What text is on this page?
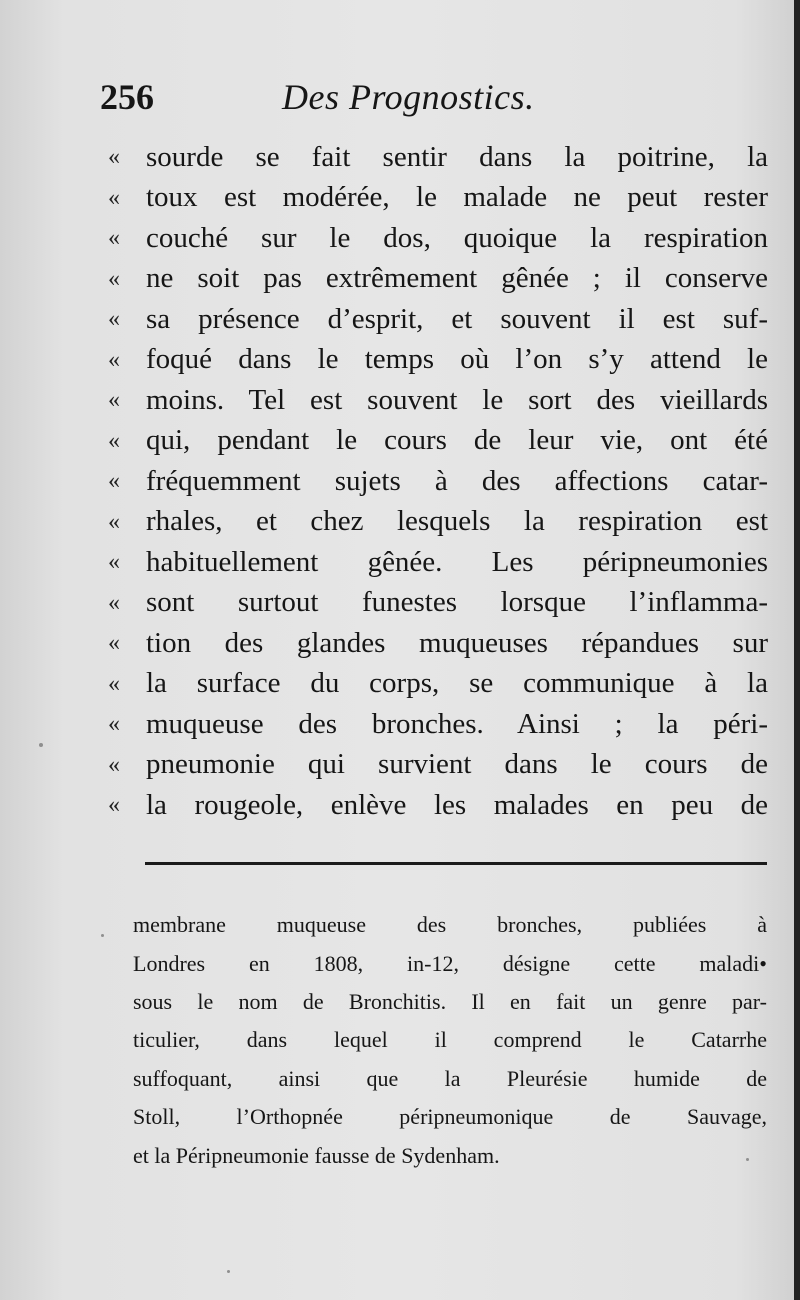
256	Des Prognostics.
« sourde se fait sentir dans la poitrine, la
« toux est modérée, le malade ne peut rester
« couché sur le dos, quoique la respiration
« ne soit pas extrêmement gênée ; il conserve
« sa présence d’esprit, et souvent il est suf-
« foqué dans le temps où l’on s’y attend le
« moins. Tel est souvent le sort des vieillards
« qui, pendant le cours de leur vie, ont été
« fréquemment sujets à des affections catar-
« rhales, et chez lesquels la respiration est
« habituellement gênée. Les péripneumonies
« sont surtout funestes lorsque l’inflamma-
« tion des glandes muqueuses répandues sur
« la surface du corps, se communique à la
« muqueuse des bronches. Ainsi ; la péri-
« pneumonie qui survient dans le cours de
« la rougeole, enlève les malades en peu de
membrane muqueuse des bronches, publiées à
Londres en 1808, in-12, désigne cette maladi•
sous le nom de Bronchitis. Il en fait un genre par-
ticulier, dans lequel il comprend le Catarrhe
suffoquant, ainsi que la Pleurésie humide de
Stoll, l’Orthopnée péripneumonique de Sauvage,
et la Péripneumonie fausse de Sydenham.
